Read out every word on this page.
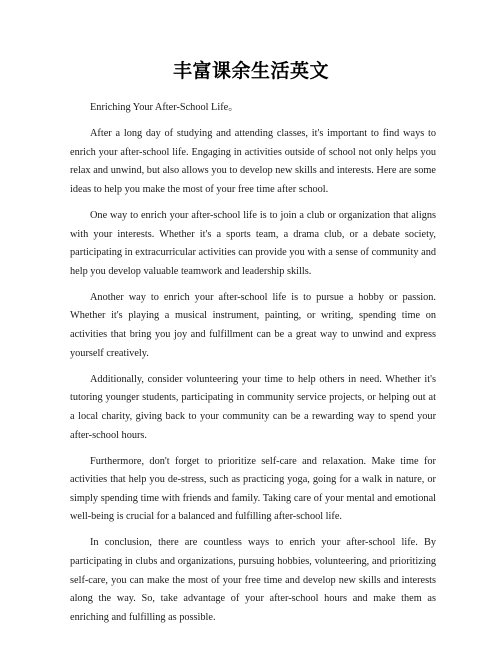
丰富课余生活英文

Enriching Your After-School Life。

After a long day of studying and attending classes, it's important to find ways to enrich your after-school life. Engaging in activities outside of school not only helps you relax and unwind, but also allows you to develop new skills and interests. Here are some ideas to help you make the most of your free time after school.

One way to enrich your after-school life is to join a club or organization that aligns with your interests. Whether it's a sports team, a drama club, or a debate society, participating in extracurricular activities can provide you with a sense of community and help you develop valuable teamwork and leadership skills.

Another way to enrich your after-school life is to pursue a hobby or passion. Whether it's playing a musical instrument, painting, or writing, spending time on activities that bring you joy and fulfillment can be a great way to unwind and express yourself creatively.

Additionally, consider volunteering your time to help others in need. Whether it's tutoring younger students, participating in community service projects, or helping out at a local charity, giving back to your community can be a rewarding way to spend your after-school hours.

Furthermore, don't forget to prioritize self-care and relaxation. Make time for activities that help you de-stress, such as practicing yoga, going for a walk in nature, or simply spending time with friends and family. Taking care of your mental and emotional well-being is crucial for a balanced and fulfilling after-school life.

In conclusion, there are countless ways to enrich your after-school life. By participating in clubs and organizations, pursuing hobbies, volunteering, and prioritizing self-care, you can make the most of your free time and develop new skills and interests along the way. So, take advantage of your after-school hours and make them as enriching and fulfilling as possible.
